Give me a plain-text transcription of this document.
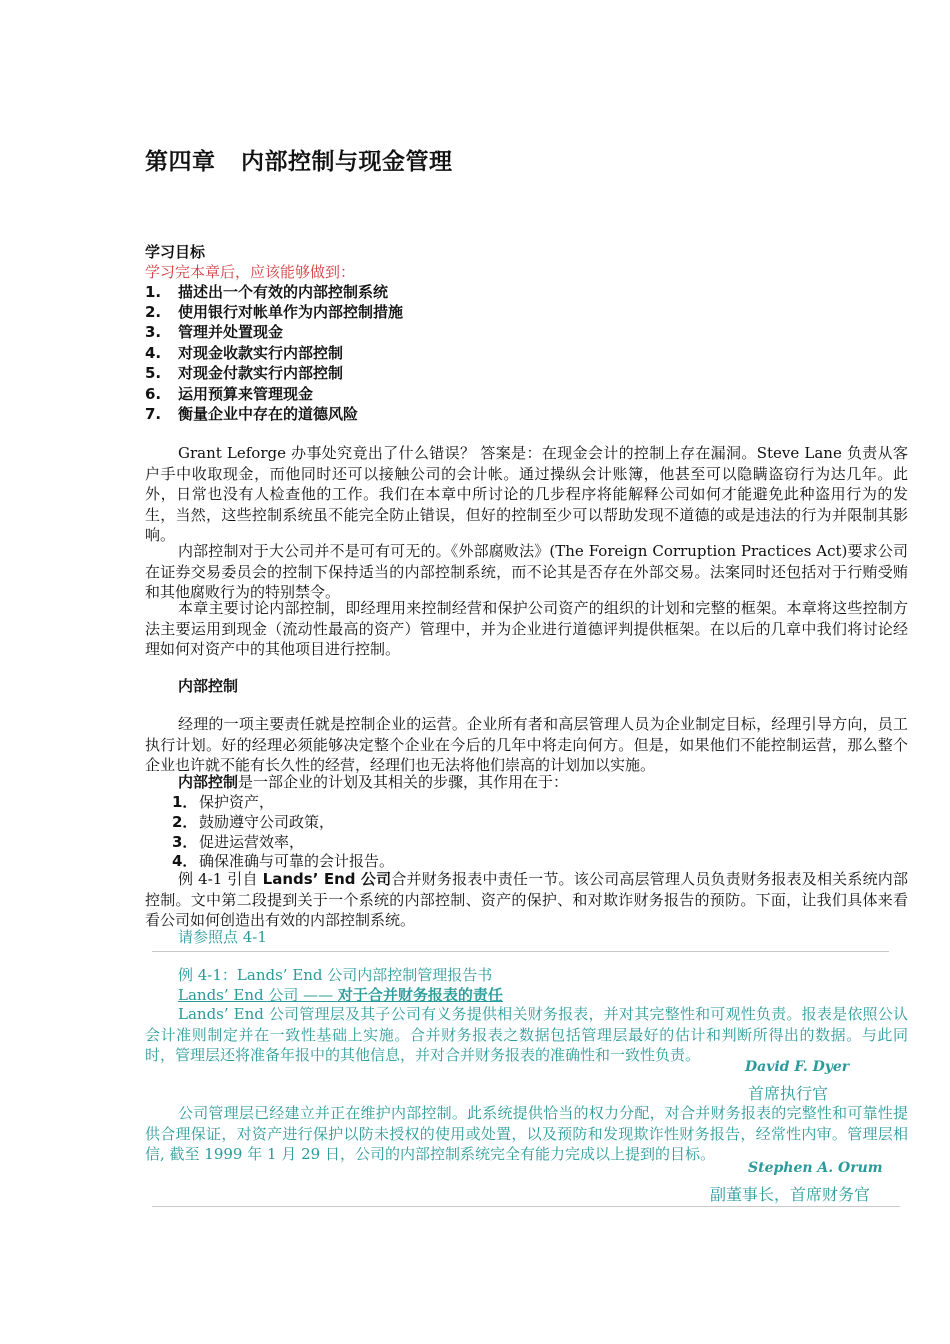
第四章   内部控制与现金管理
学习目标
学习完本章后，应该能够做到：
1. 描述出一个有效的内部控制系统
2. 使用银行对帐单作为内部控制措施
3. 管理并处置现金
4. 对现金收款实行内部控制
5. 对现金付款实行内部控制
6. 运用预算来管理现金
7. 衡量企业中存在的道德风险

Grant Leforge 办事处究竟出了什么错误？ 答案是：在现金会计的控制上存在漏洞。Steve Lane 负责从客户手中收取现金，而他同时还可以接触公司的会计帐。通过操纵会计账簿，他甚至可以隐瞒盗窃行为达几年。此外，日常也没有人检查他的工作。我们在本章中所讨论的几步程序将能解释公司如何才能避免此种盗用行为的发生，当然，这些控制系统虽不能完全防止错误，但好的控制至少可以帮助发现不道德的或是违法的行为并限制其影响。

内部控制对于大公司并不是可有可无的。《外部腐败法》(The Foreign Corruption Practices Act)要求公司在证券交易委员会的控制下保持适当的内部控制系统，而不论其是否存在外部交易。法案同时还包括对于行贿受贿和其他腐败行为的特别禁令。

本章主要讨论内部控制，即经理用来控制经营和保护公司资产的组织的计划和完整的框架。本章将这些控制方法主要运用到现金（流动性最高的资产）管理中，并为企业进行道德评判提供框架。在以后的几章中我们将讨论经理如何对资产中的其他项目进行控制。

内部控制

经理的一项主要责任就是控制企业的运营。企业所有者和高层管理人员为企业制定目标，经理引导方向，员工执行计划。好的经理必须能够决定整个企业在今后的几年中将走向何方。但是，如果他们不能控制运营，那么整个企业也许就不能有长久性的经营，经理们也无法将他们崇高的计划加以实施。

内部控制是一部企业的计划及其相关的步骤，其作用在于：

1． 保护资产，
2． 鼓励遵守公司政策，
3． 促进运营效率，
4． 确保准确与可靠的会计报告。

例 4-1 引自 Lands’ End 公司合并财务报表中责任一节。该公司高层管理人员负责财务报表及相关系统内部控制。文中第二段提到关于一个系统的内部控制、资产的保护、和对欺诈财务报告的预防。下面，让我们具体来看看公司如何创造出有效的内部控制系统。

请参照点 4-1
例 4-1：Lands’ End 公司内部控制管理报告书
Lands’ End 公司 —— 对于合并财务报表的责任

Lands’ End 公司管理层及其子公司有义务提供相关财务报表，并对其完整性和可观性负责。报表是依照公认会计准则制定并在一致性基础上实施。合并财务报表之数据包括管理层最好的估计和判断所得出的数据。与此同时，管理层还将准备年报中的其他信息，并对合并财务报表的准确性和一致性负责。

David F. Dyer
首席执行官

公司管理层已经建立并正在维护内部控制。此系统提供恰当的权力分配，对合并财务报表的完整性和可靠性提供合理保证，对资产进行保护以防未授权的使用或处置，以及预防和发现欺诈性财务报告，经常性内审。管理层相信, 截至 1999 年 1 月 29 日，公司的内部控制系统完全有能力完成以上提到的目标。

Stephen A. Orum
副董事长，首席财务官
